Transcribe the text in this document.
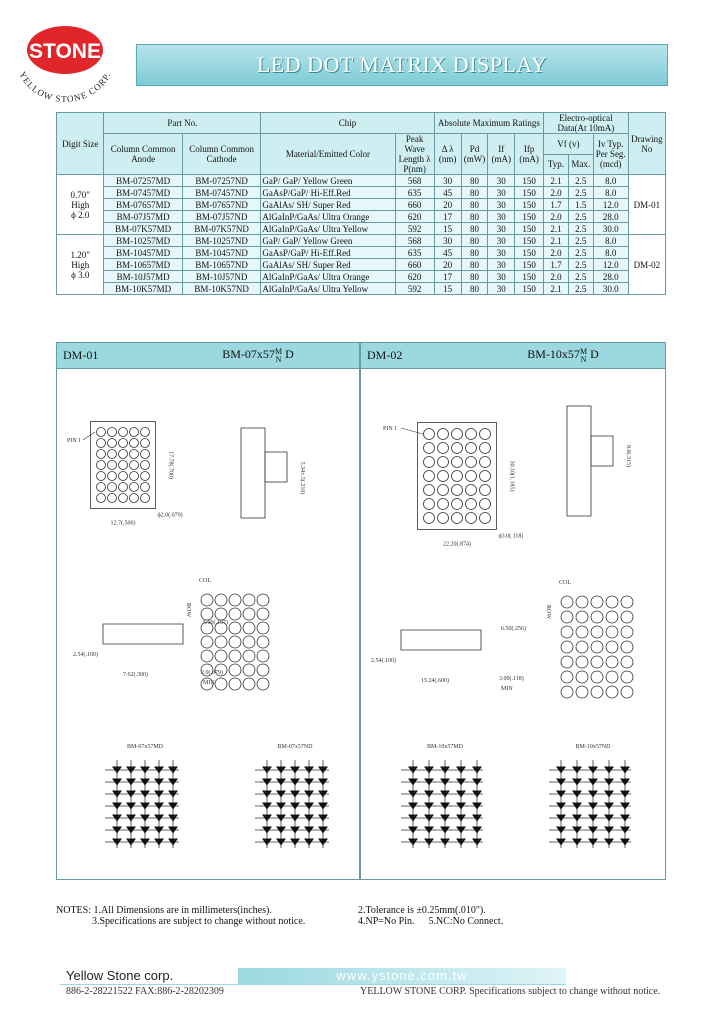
STONE
YELLOW STONE CORP.	LED DOT MATRIX DISPLAY
Digit Size	Part No.		Chip		Absolute Maximum Ratings				Electro-optical Data(At 10mA)			Drawing No
	Column Common Anode	Column Common Cathode	Material/Emitted Color	Peak Wave Length λ P(nm)	Δ λ (nm)	Pd (mW)	If (mA)	Ifp (mA)	Vf (v)		Iv Typ. Per Seg. (mcd)	
									Typ.	Max.		

0.70"
High
ϕ 2.0	BM-07257MD	BM-07257ND	GaP/ GaP/ Yellow Green	568	30	80	30	150	2.1	2.5	8.0	DM-01
	BM-07457MD	BM-07457ND	GaAsP/GaP/ Hi-Eff.Red	635	45	80	30	150	2.0	2.5	8.0	
	BM-07657MD	BM-07657ND	GaAlAs/ SH/ Super Red	660	20	80	30	150	1.7	1.5	12.0	
	BM-07J57MD	BM-07J57ND	AlGaInP/GaAs/ Ultra Orange	620	17	80	30	150	2.0	2.5	28.0	
	BM-07K57MD	BM-07K57ND	AlGaInP/GaAs/ Ultra Yellow	592	15	80	30	150	2.1	2.5	30.0	

1.20"
High
ϕ 3.0	BM-10257MD	BM-10257ND	GaP/ GaP/ Yellow Green	568	30	80	30	150	2.1	2.5	8.0	DM-02
	BM-10457MD	BM-10457ND	GaAsP/GaP/ Hi-Eff.Red	635	45	80	30	150	2.0	2.5	8.0	
	BM-10657MD	BM-10657ND	GaAlAs/ SH/ Super Red	660	20	80	30	150	1.7	2.5	12.0	
	BM-10J57MD	BM-10J57ND	AlGaInP/GaAs/ Ultra Orange	620	17	80	30	150	2.0	2.5	28.0	
	BM-10K57MD	BM-10K57ND	AlGaInP/GaAs/ Ultra Yellow	592	15	80	30	150	2.1	2.5	30.0	
DM-01	BM-07x57 M
N D
PIN 1
17.78(.700)
12.7(.500)
ϕ2.0(.079)
5.34±.5(.210)
COL
ROW
5.00(.197)
2.54(.100)
7.62(.300)	2.0(.079)
MIN
BM-07x57MD	BM-07x57ND
DM-02	BM-10x57 M
N D
PIN 1
30.10(1.185)
22.20(.874)
ϕ3.0(.118)
8.0(.315)
COL
ROW
6.50(.256)
2.54(.100)
15.24(.600)	3.00(.118)
MIN
BM-10x57MD	BM-10x57ND
NOTES: 1.All Dimensions are in millimeters(inches).	2.Tolerance is ±0.25mm(.010").
3.Specifications are subject to change without notice.	4.NP=No Pin.	5.NC:No Connect.
Yellow Stone corp.	www.ystone.com.tw
886-2-28221522 FAX:886-2-28202309	YELLOW STONE CORP. Specifications subject to change without notice.
